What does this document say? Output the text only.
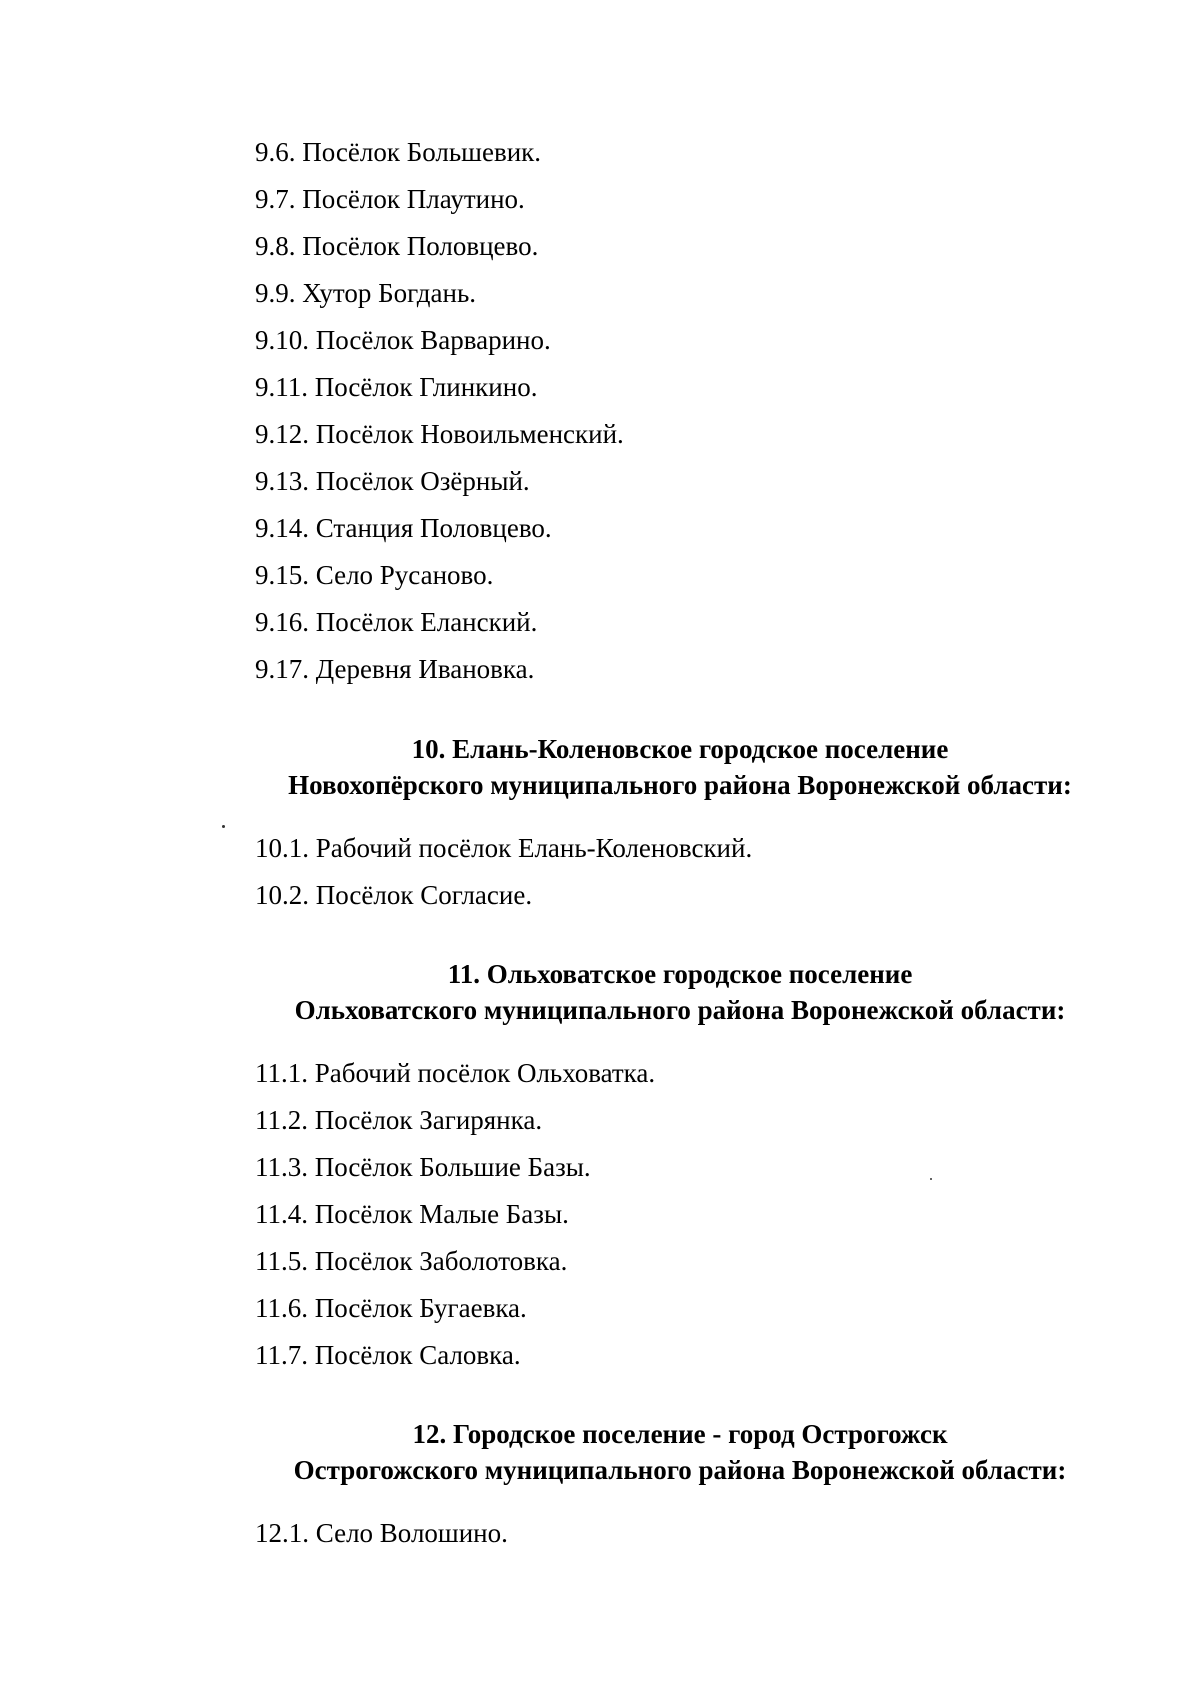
9.6. Посёлок Большевик.
9.7. Посёлок Плаутино.
9.8. Посёлок Половцево.
9.9. Хутор Богдань.
9.10. Посёлок Варварино.
9.11. Посёлок Глинкино.
9.12. Посёлок Новоильменский.
9.13. Посёлок Озёрный.
9.14. Станция Половцево.
9.15. Село Русаново.
9.16. Посёлок Еланский.
9.17. Деревня Ивановка.
10. Елань-Коленовское городское поселение
Новохопёрского муниципального района Воронежской области:
10.1. Рабочий посёлок Елань-Коленовский.
10.2. Посёлок Согласие.
11. Ольховатское городское поселение
Ольховатского муниципального района Воронежской области:
11.1. Рабочий посёлок Ольховатка.
11.2. Посёлок Загирянка.
11.3. Посёлок Большие Базы.
11.4. Посёлок Малые Базы.
11.5. Посёлок Заболотовка.
11.6. Посёлок Бугаевка.
11.7. Посёлок Саловка.
12. Городское поселение - город Острогожск
Острогожского муниципального района Воронежской области:
12.1. Село Волошино.
